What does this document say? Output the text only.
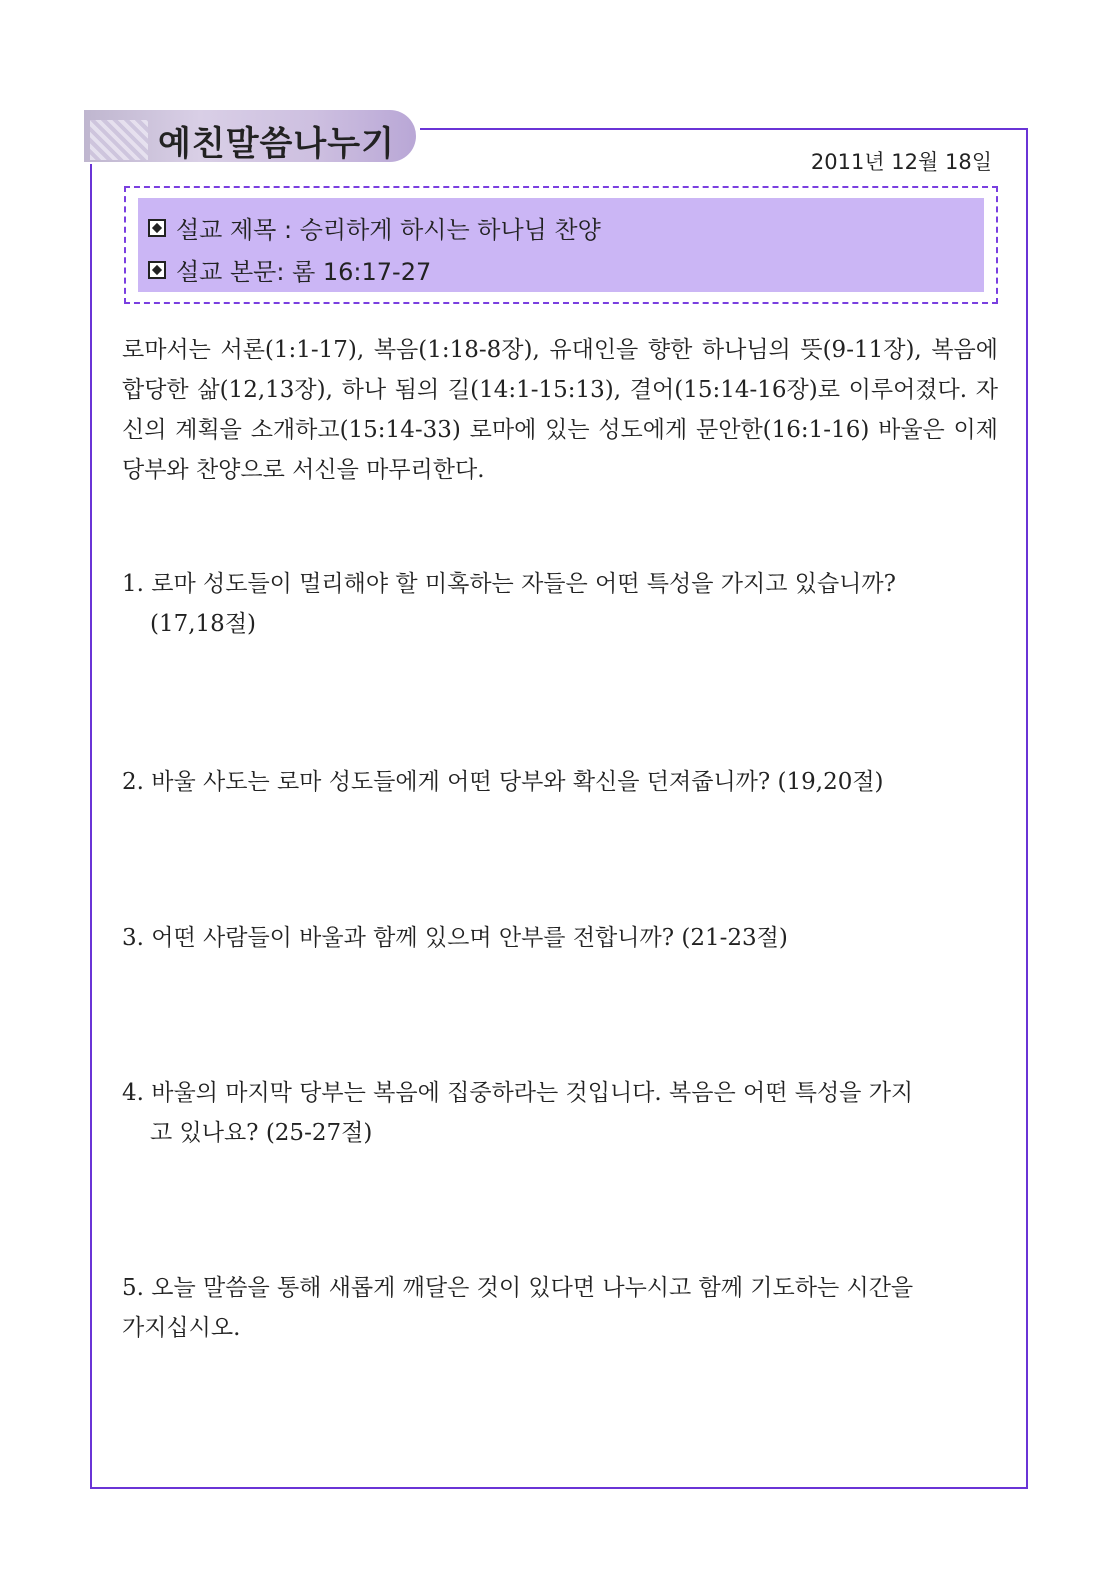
예친말씀나누기	2011년 12월 18일
설교 제목 : 승리하게 하시는 하나님 찬양
설교 본문: 롬 16:17-27
로마서는 서론(1:1-17), 복음(1:18-8장), 유대인을 향한 하나님의 뜻(9-11장), 복음에 합당한 삶(12,13장), 하나 됨의 길(14:1-15:13), 결어(15:14-16장)로 이루어졌다. 자신의 계획을 소개하고(15:14-33) 로마에 있는 성도에게 문안한(16:1-16) 바울은 이제 당부와 찬양으로 서신을 마무리한다.
1. 로마 성도들이 멀리해야 할 미혹하는 자들은 어떤 특성을 가지고 있습니까?
(17,18절)
2. 바울 사도는 로마 성도들에게 어떤 당부와 확신을 던져줍니까? (19,20절)
3. 어떤 사람들이 바울과 함께 있으며 안부를 전합니까? (21-23절)
4. 바울의 마지막 당부는 복음에 집중하라는 것입니다. 복음은 어떤 특성을 가지
고 있나요? (25-27절)
5. 오늘 말씀을 통해 새롭게 깨달은 것이 있다면 나누시고 함께 기도하는 시간을
가지십시오.
